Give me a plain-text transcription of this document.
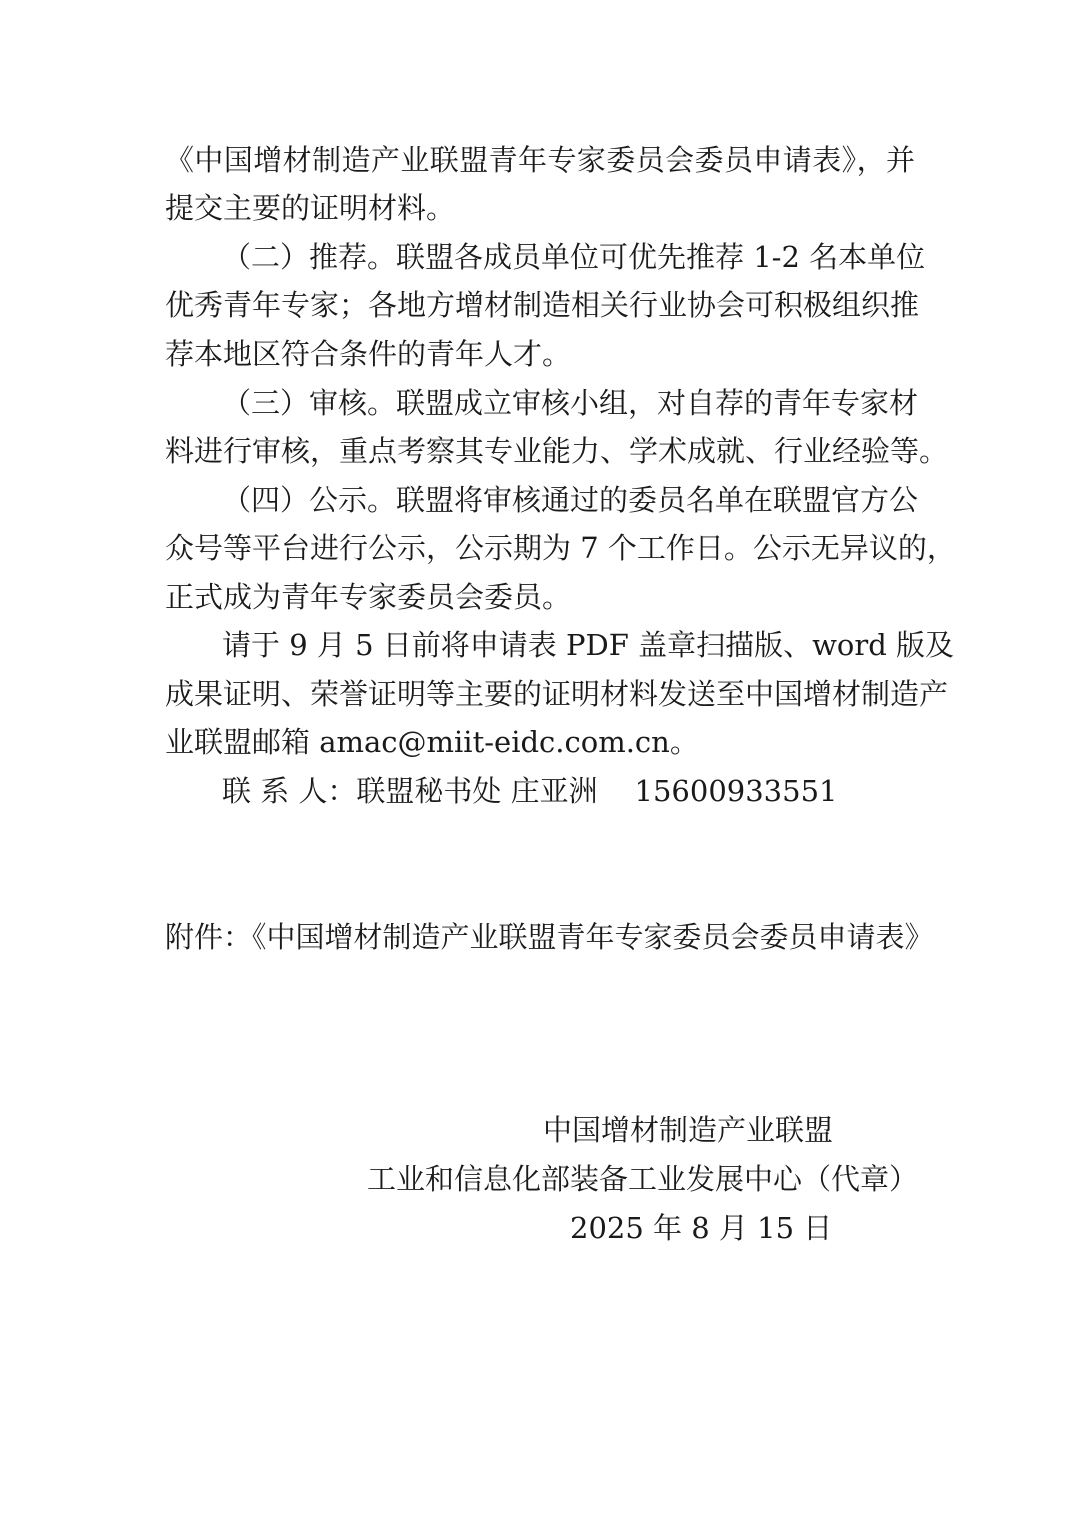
《中国增材制造产业联盟青年专家委员会委员申请表》，并
提交主要的证明材料。
（二）推荐。联盟各成员单位可优先推荐 1-2 名本单位
优秀青年专家；各地方增材制造相关行业协会可积极组织推
荐本地区符合条件的青年人才。
（三）审核。联盟成立审核小组，对自荐的青年专家材
料进行审核，重点考察其专业能力、学术成就、行业经验等。
（四）公示。联盟将审核通过的委员名单在联盟官方公
众号等平台进行公示，公示期为 7 个工作日。公示无异议的，
正式成为青年专家委员会委员。
请于 9 月 5 日前将申请表 PDF 盖章扫描版、word 版及
成果证明、荣誉证明等主要的证明材料发送至中国增材制造产
业联盟邮箱 amac@miit-eidc.com.cn。
联 系 人：联盟秘书处 庄亚洲    15600933551
附件：《中国增材制造产业联盟青年专家委员会委员申请表》
中国增材制造产业联盟
工业和信息化部装备工业发展中心（代章）
2025 年 8 月 15 日
